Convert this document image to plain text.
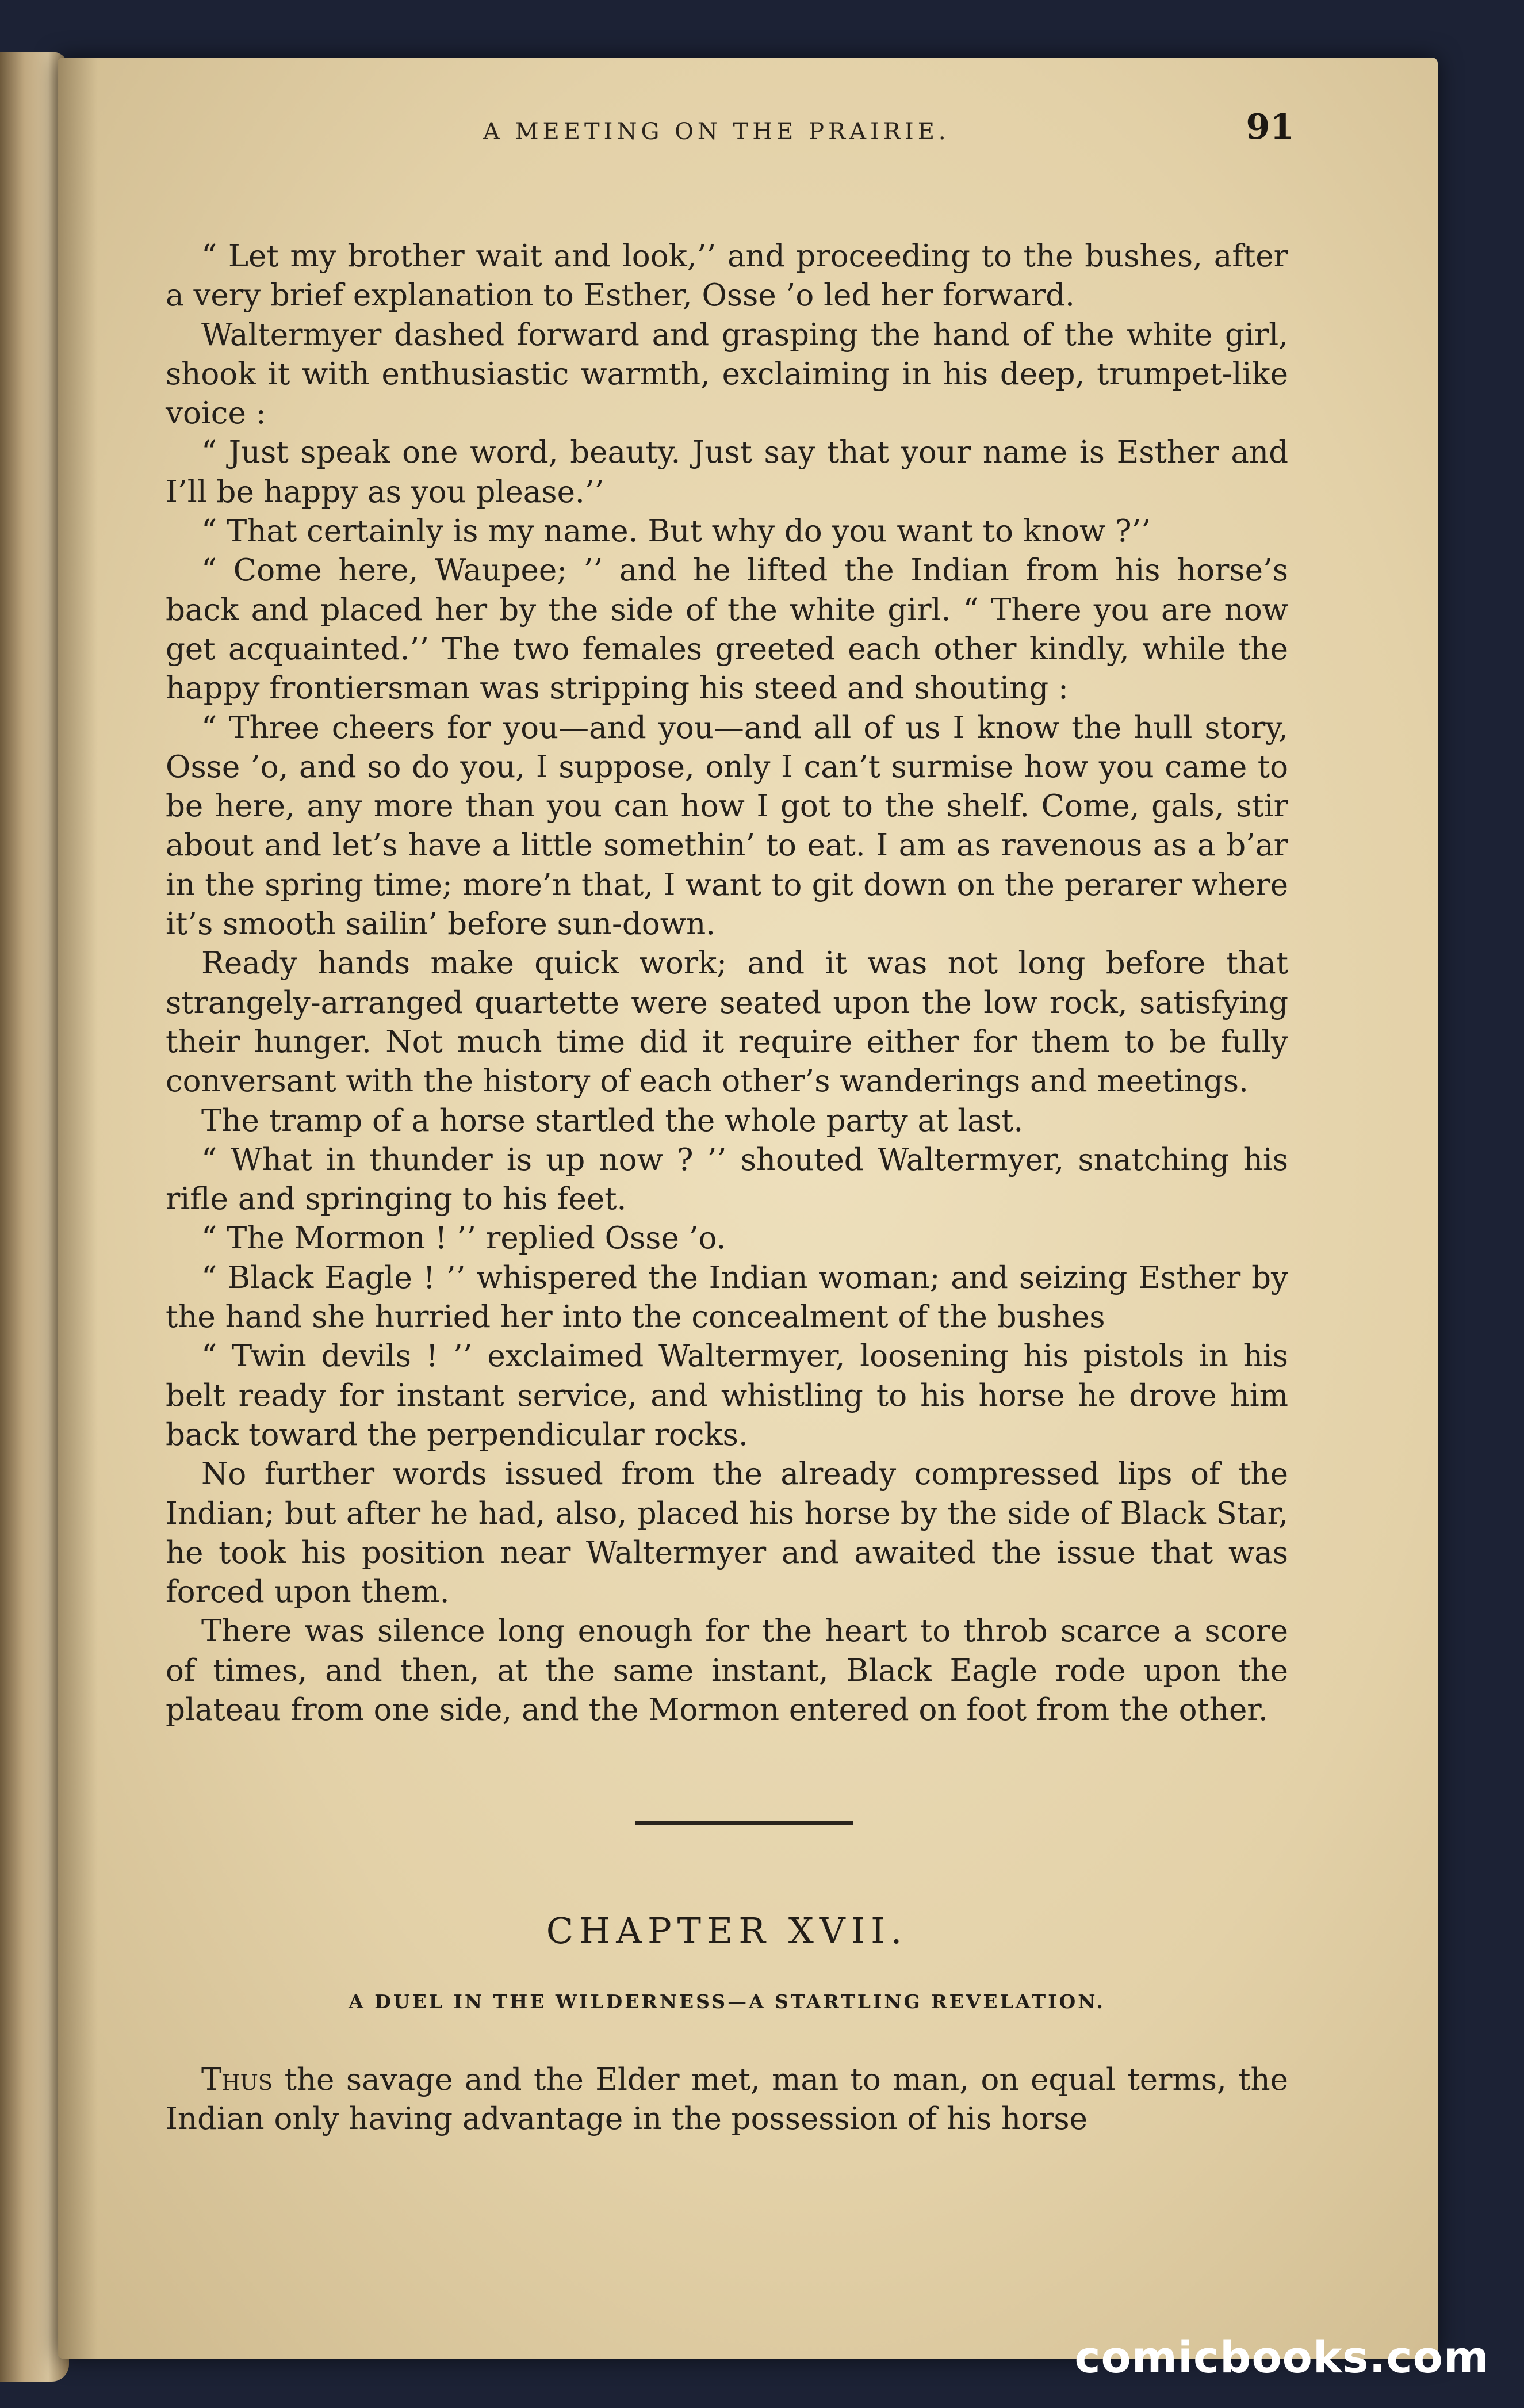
A MEETING ON THE PRAIRIE.	91

“ Let my brother wait and look,’’ and proceeding to the bushes, after a very brief explanation to Esther, Osse ’o led her forward.

Waltermyer dashed forward and grasping the hand of the white girl, shook it with enthusiastic warmth, exclaiming in his deep, trumpet-like voice :

“ Just speak one word, beauty. Just say that your name is Esther and I’ll be happy as you please.’’

“ That certainly is my name. But why do you want to know ?’’

“ Come here, Waupee; ’’ and he lifted the Indian from his horse’s back and placed her by the side of the white girl. “ There you are now get acquainted.’’ The two females greeted each other kindly, while the happy frontiersman was stripping his steed and shouting :

“ Three cheers for you—and you—and all of us I know the hull story, Osse ’o, and so do you, I suppose, only I can’t surmise how you came to be here, any more than you can how I got to the shelf. Come, gals, stir about and let’s have a little somethin’ to eat. I am as ravenous as a b’ar in the spring time; more’n that, I want to git down on the perarer where it’s smooth sailin’ before sun-down.

Ready hands make quick work; and it was not long before that strangely-arranged quartette were seated upon the low rock, satisfying their hunger. Not much time did it require either for them to be fully conversant with the history of each other’s wanderings and meetings.

The tramp of a horse startled the whole party at last.

“ What in thunder is up now ? ’’ shouted Waltermyer, snatching his rifle and springing to his feet.

“ The Mormon ! ’’ replied Osse ’o.

“ Black Eagle ! ’’ whispered the Indian woman; and seizing Esther by the hand she hurried her into the concealment of the bushes

“ Twin devils ! ’’ exclaimed Waltermyer, loosening his pistols in his belt ready for instant service, and whistling to his horse he drove him back toward the perpendicular rocks.

No further words issued from the already compressed lips of the Indian; but after he had, also, placed his horse by the side of Black Star, he took his position near Waltermyer and awaited the issue that was forced upon them.

There was silence long enough for the heart to throb scarce a score of times, and then, at the same instant, Black Eagle rode upon the plateau from one side, and the Mormon entered on foot from the other.

CHAPTER XVII.
A DUEL IN THE WILDERNESS—A STARTLING REVELATION.

Thus the savage and the Elder met, man to man, on equal terms, the Indian only having advantage in the possession of his horse

comicbooks.com
